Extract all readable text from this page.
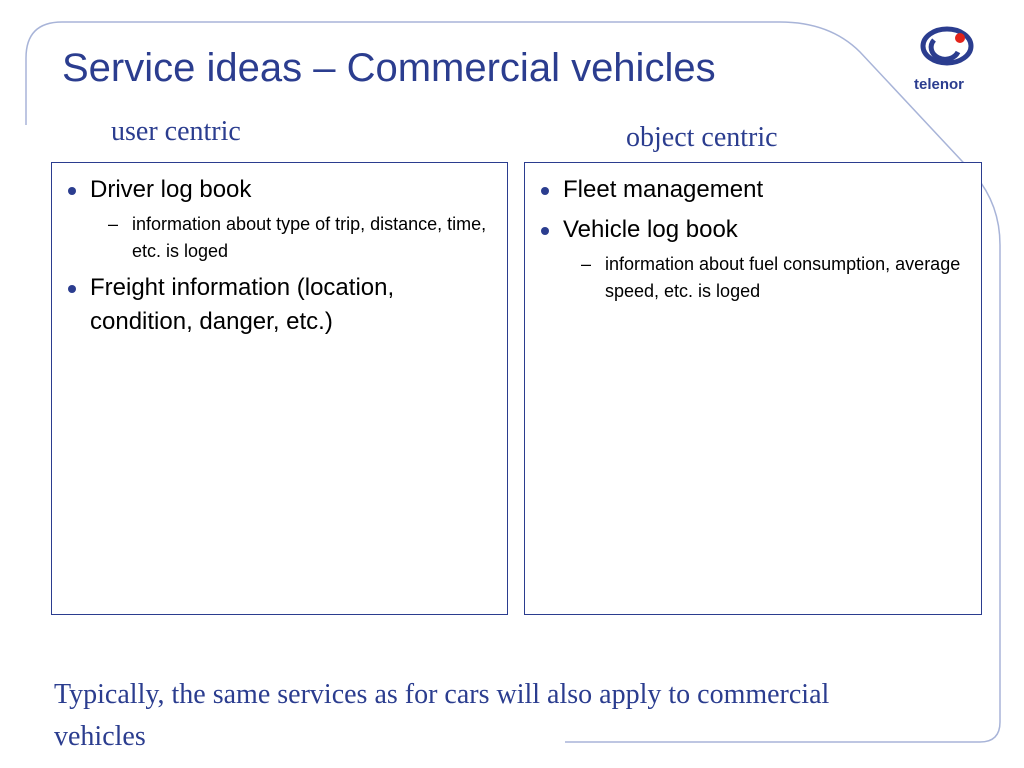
Service ideas – Commercial vehicles	telenor
user centric	object centric
Driver log book
– information about type of trip, distance, time, etc. is loged
Freight information (location, condition, danger, etc.)
Fleet management
Vehicle log book
– information about fuel consumption, average speed, etc. is loged
Typically, the same services as for cars will also apply to commercial vehicles
